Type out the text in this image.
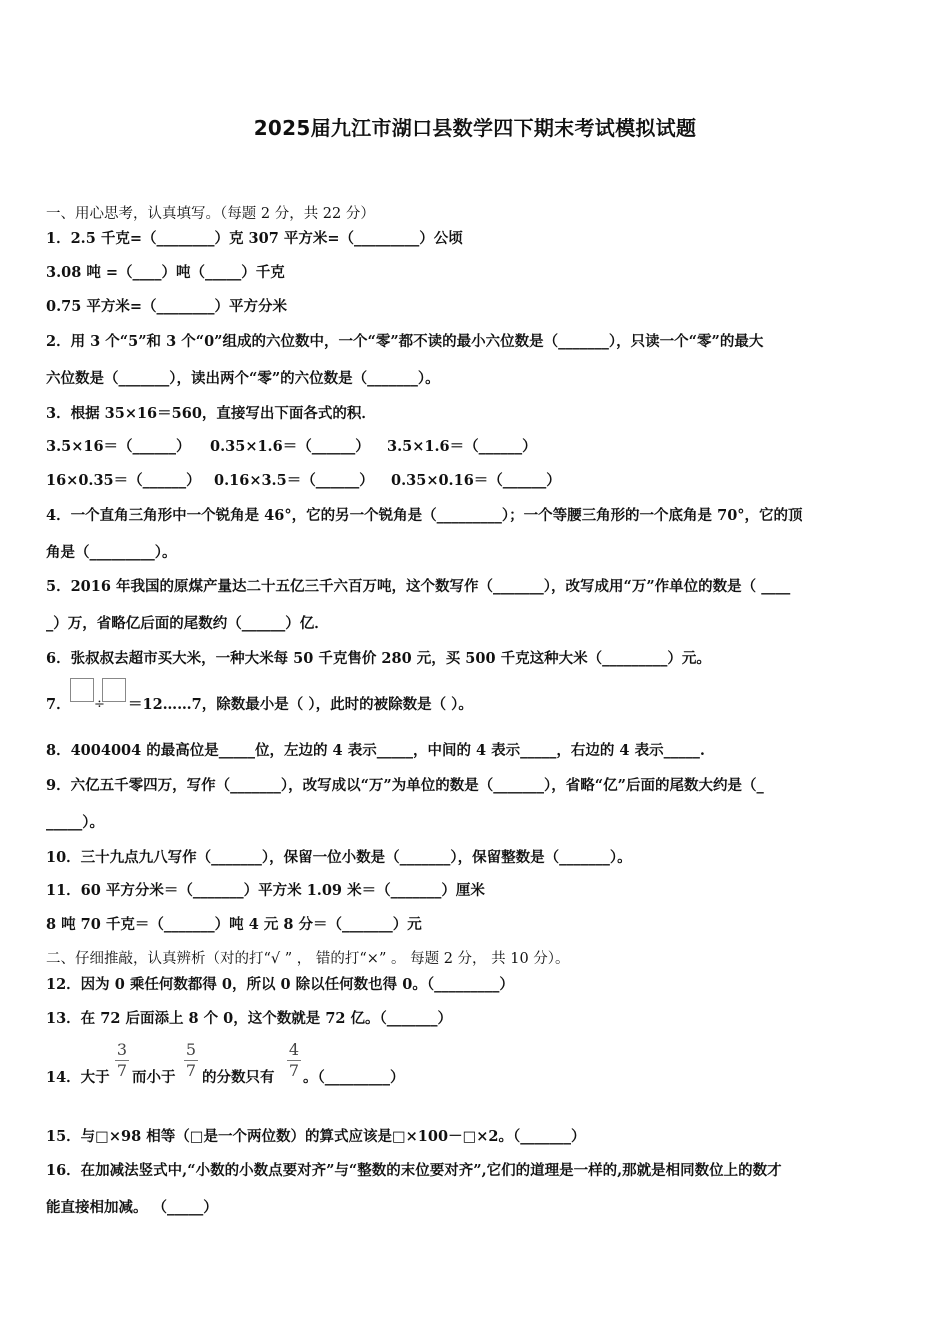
2025届九江市湖口县数学四下期末考试模拟试题
一、用心思考，认真填写。（每题 2 分，共 22 分）
1．2.5 千克=（________）克 307 平方米=（_________）公顷
3.08 吨 =（____）吨（_____）千克
0.75 平方米=（________）平方分米
2．用 3 个“5”和 3 个“0”组成的六位数中，一个“零”都不读的最小六位数是（_______），只读一个“零”的最大
六位数是（_______），读出两个“零”的六位数是（_______）。
3．根据 35×16＝560，直接写出下面各式的积．
3.5×16＝（______） 0.35×1.6＝（______） 3.5×1.6＝（______）
16×0.35＝（______） 0.16×3.5＝（______） 0.35×0.16＝（______）
4．一个直角三角形中一个锐角是 46°，它的另一个锐角是（_________）；一个等腰三角形的一个底角是 70°，它的顶
角是（_________）。
5．2016 年我国的原煤产量达二十五亿三千六百万吨，这个数写作（_______），改写成用“万”作单位的数是（ ____
_）万，省略亿后面的尾数约（______）亿．
6．张叔叔去超市买大米，一种大米每 50 千克售价 280 元，买 500 千克这种大米（_________）元。
7．	÷	＝12……7，除数最小是（ ），此时的被除数是（ ）。
8．4004004 的最高位是_____位，左边的 4 表示_____，中间的 4 表示_____，右边的 4 表示_____.
9．六亿五千零四万，写作（_______），改写成以“万”为单位的数是（_______），省略“亿”后面的尾数大约是（_
_____）。
10．三十九点九八写作（_______），保留一位小数是（_______），保留整数是（_______）。
11．60 平方分米＝（_______）平方米 1.09 米＝（_______）厘米
8 吨 70 千克＝（_______）吨 4 元 8 分＝（_______）元
二、仔细推敲，认真辨析（对的打“√ ” ， 错的打“×” 。 每题 2 分， 共 10 分）。
12．因为 0 乘任何数都得 0，所以 0 除以任何数也得 0。（_________）
13．在 72 后面添上 8 个 0，这个数就是 72 亿。（_______）
14．大于
3
7 而小于
5
7 的分数只有
4
7 。（_________）
15．与□×98 相等（□是一个两位数）的算式应该是□×100－□×2。（_______）
16．在加减法竖式中,“小数的小数点要对齐”与“整数的末位要对齐”,它们的道理是一样的,那就是相同数位上的数才
能直接相加减。 （_____）
